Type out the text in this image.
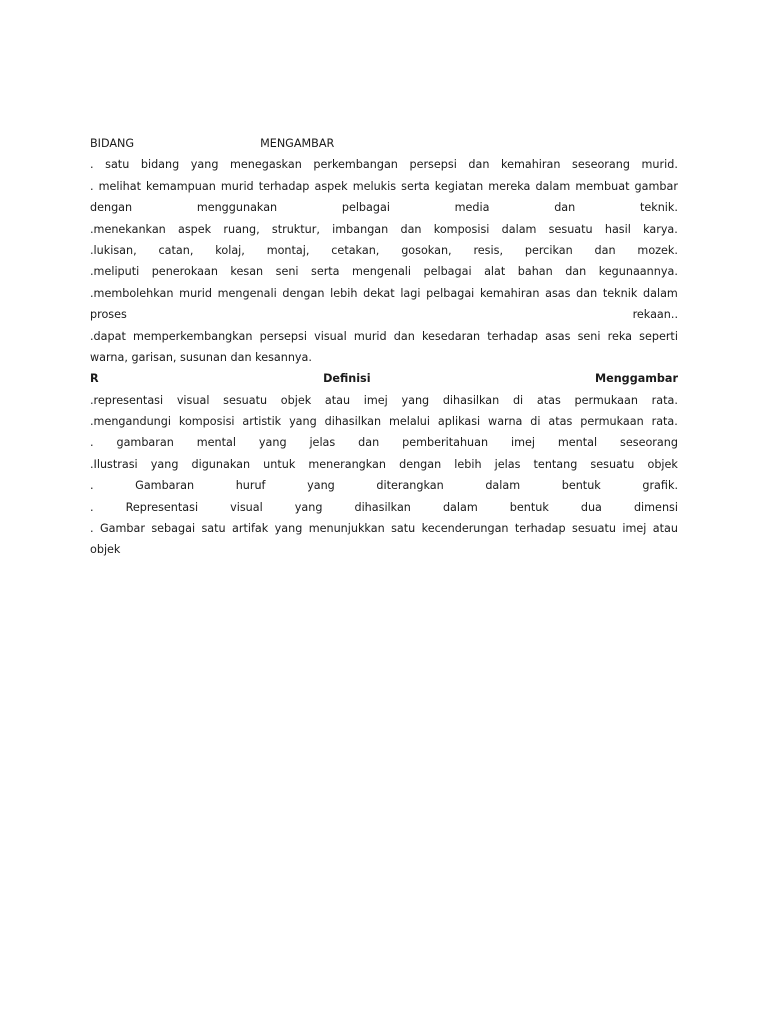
BIDANG	MENGAMBAR
. satu bidang yang menegaskan perkembangan persepsi dan kemahiran seseorang murid.
. melihat kemampuan murid terhadap aspek melukis serta kegiatan mereka dalam membuat gambar
dengan	menggunakan	pelbagai	media	dan	teknik.
.menekankan aspek ruang, struktur, imbangan dan komposisi dalam sesuatu hasil karya.
.lukisan, catan, kolaj, montaj, cetakan, gosokan, resis, percikan dan mozek.
.meliputi penerokaan kesan seni serta mengenali pelbagai alat bahan dan kegunaannya.
.membolehkan murid mengenali dengan lebih dekat lagi pelbagai kemahiran asas dan teknik dalam
proses	rekaan..
.dapat memperkembangkan persepsi visual murid dan kesedaran terhadap asas seni reka seperti
warna,
garisan,
susunan
dan
kesannya.
R	Definisi	Menggambar
.representasi visual sesuatu objek atau imej yang dihasilkan di atas permukaan rata.
.mengandungi komposisi artistik yang dihasilkan melalui aplikasi warna di atas permukaan rata.
. gambaran mental yang jelas dan pemberitahuan imej mental seseorang
.Ilustrasi yang digunakan untuk menerangkan dengan lebih jelas tentang sesuatu objek
.	Gambaran	huruf	yang	diterangkan	dalam	bentuk	grafik.
.	Representasi	visual	yang	dihasilkan	dalam	bentuk	dua	dimensi
. Gambar sebagai satu artifak yang menunjukkan satu kecenderungan terhadap sesuatu imej atau
objek
